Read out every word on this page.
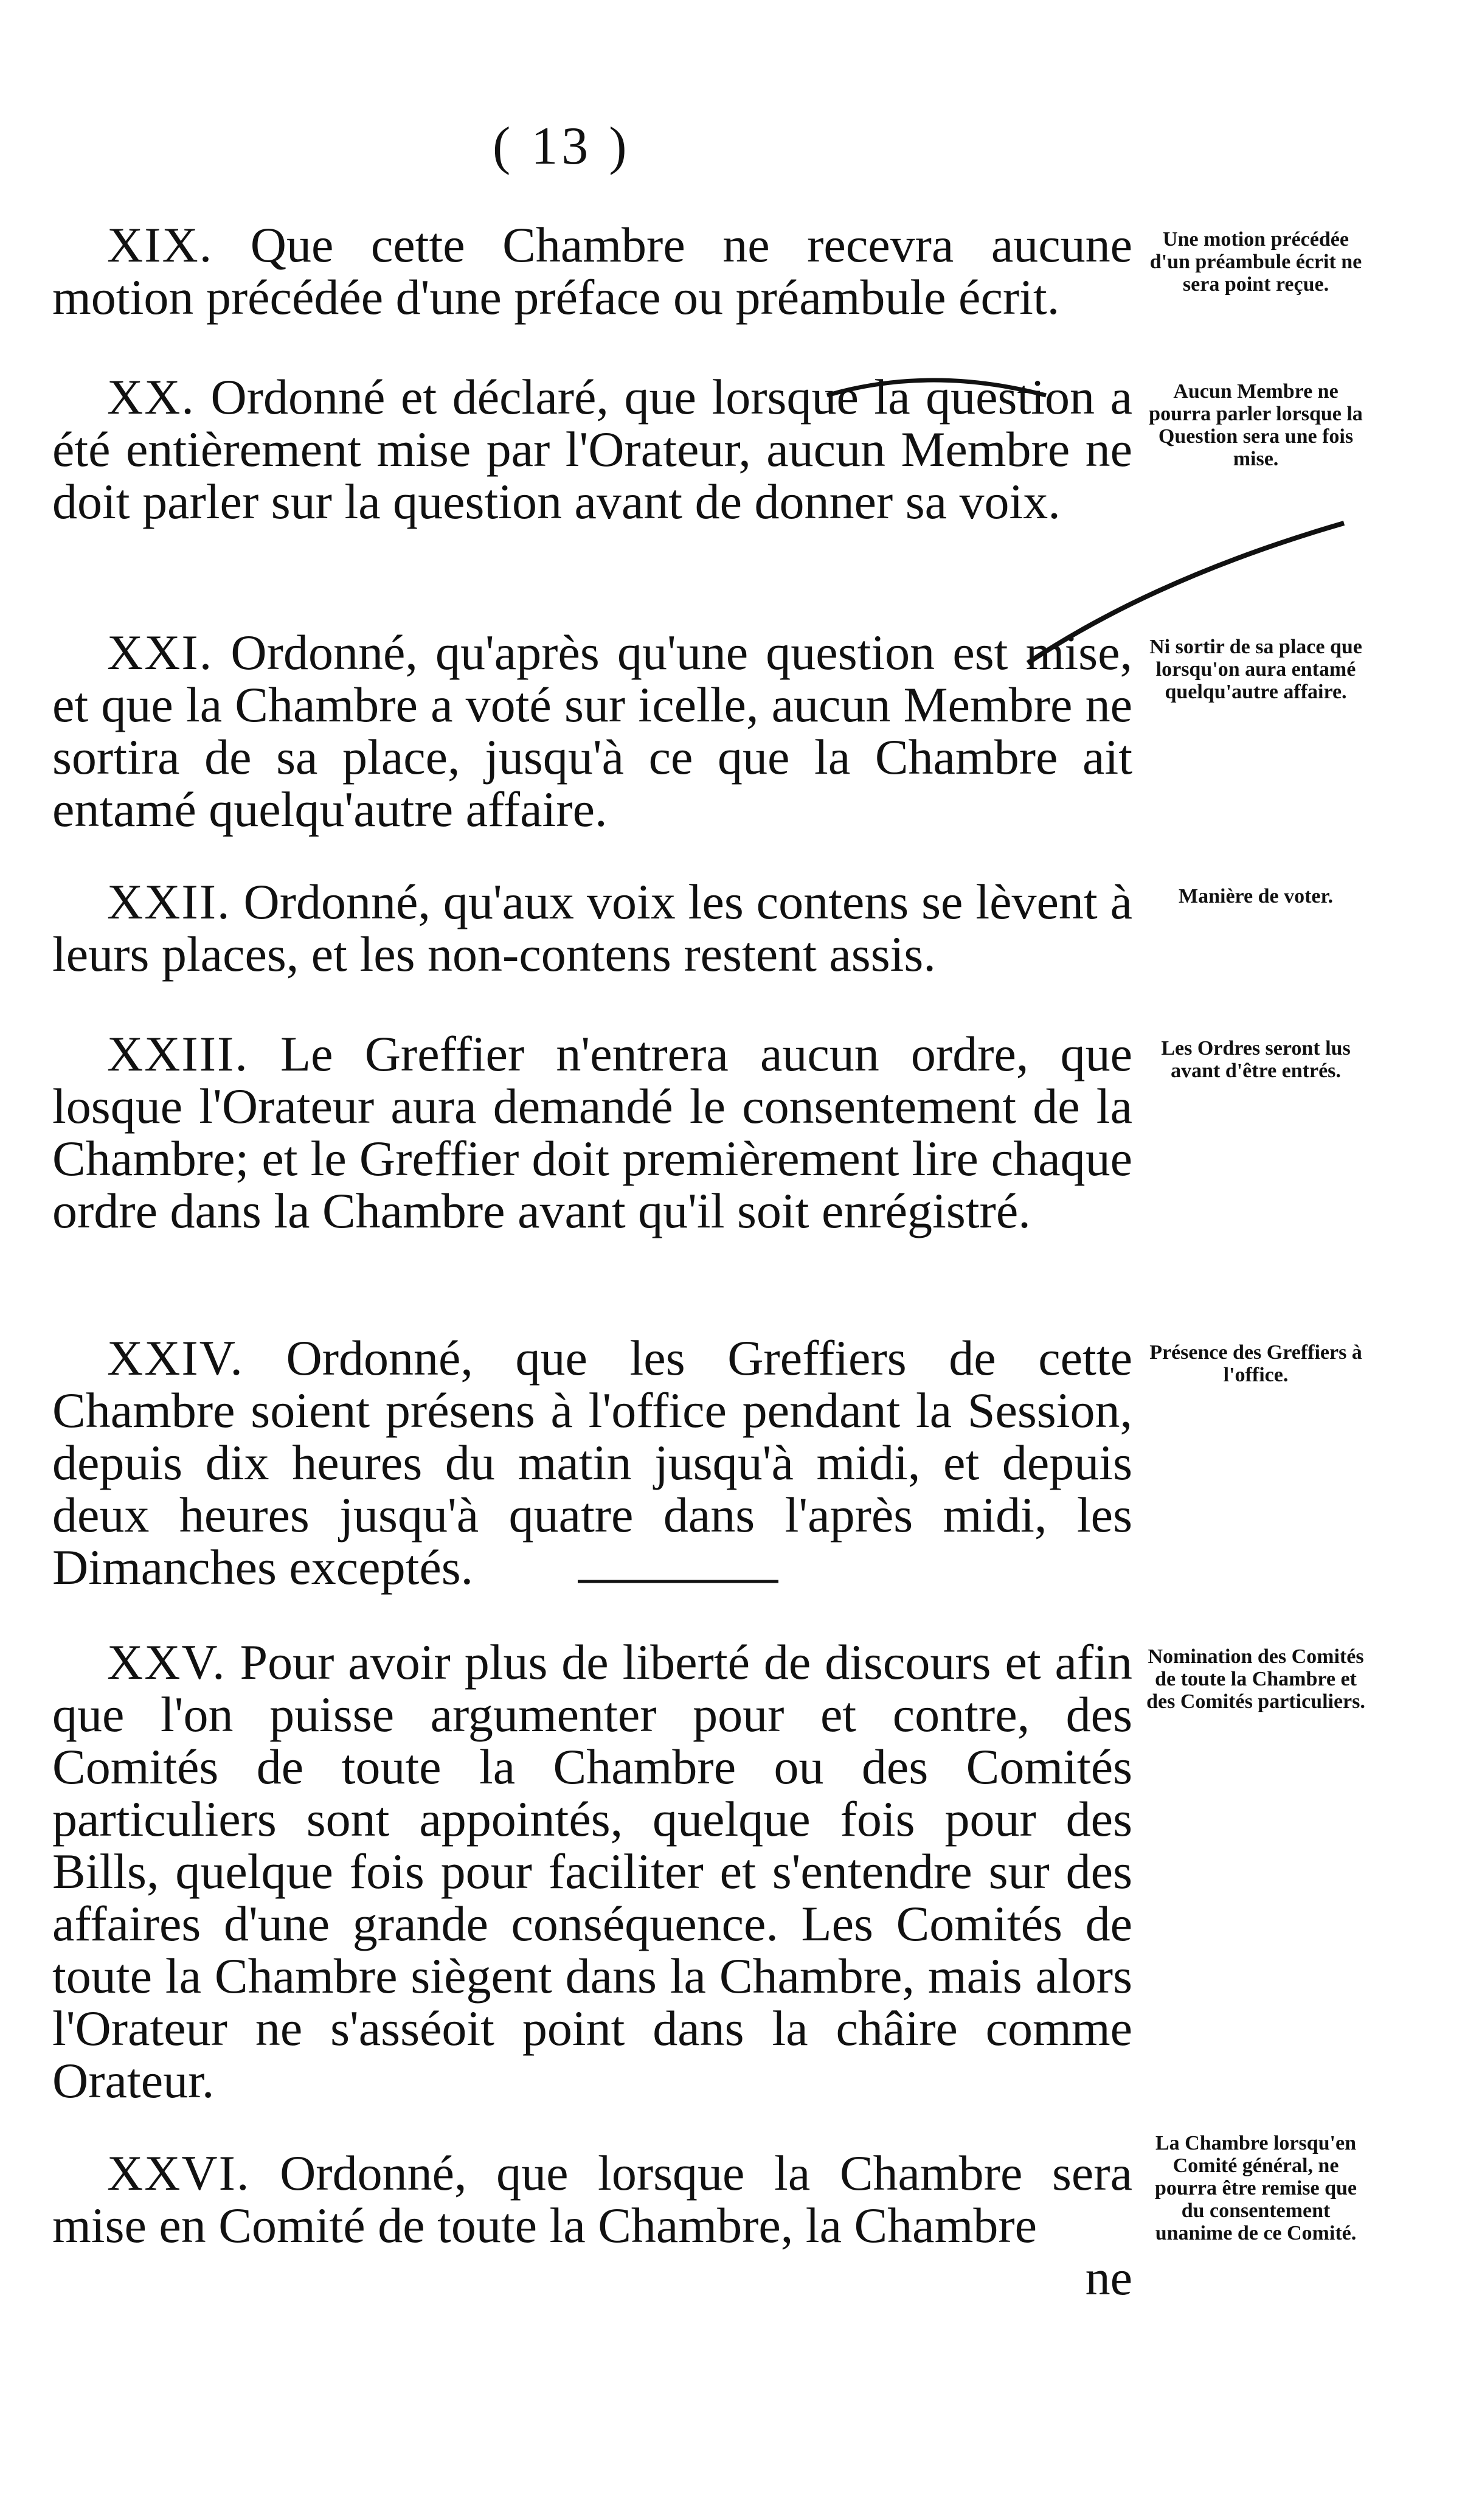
( 13 )
XIX. Que cette Chambre ne recevra aucune motion précédée d'une préface ou préambule écrit.
Une motion précédée d'un préambule écrit ne sera point reçue.
XX. Ordonné et déclaré, que lorsque la question a été entièrement mise par l'Orateur, aucun Membre ne doit parler sur la question avant de donner sa voix.
Aucun Membre ne pourra parler lorsque la Question sera une fois mise.
XXI. Ordonné, qu'après qu'une question est mise, et que la Chambre a voté sur icelle, aucun Membre ne sortira de sa place, jusqu'à ce que la Chambre ait entamé quelqu'autre affaire.
Ni sortir de sa place que lorsqu'on aura entamé quelqu'autre affaire.
XXII. Ordonné, qu'aux voix les contens se lèvent à leurs places, et les non-contens restent assis.
Manière de voter.
XXIII. Le Greffier n'entrera aucun ordre, que losque l'Orateur aura demandé le consentement de la Chambre; et le Greffier doit premièrement lire chaque ordre dans la Chambre avant qu'il soit enrégistré.
Les Ordres seront lus avant d'être entrés.
XXIV. Ordonné, que les Greffiers de cette Chambre soient présens à l'office pendant la Session, depuis dix heures du matin jusqu'à midi, et depuis deux heures jusqu'à quatre dans l'après midi, les Dimanches exceptés.
Présence des Greffiers à l'office.
XXV. Pour avoir plus de liberté de discours et afin que l'on puisse argumenter pour et contre, des Comités de toute la Chambre ou des Comités particuliers sont appointés, quelque fois pour des Bills, quelque fois pour faciliter et s'entendre sur des affaires d'une grande conséquence. Les Comités de toute la Chambre siègent dans la Chambre, mais alors l'Orateur ne s'asséoit point dans la châire comme Orateur.
Nomination des Comités de toute la Chambre et des Comités particuliers.
XXVI. Ordonné, que lorsque la Chambre sera mise en Comité de toute la Chambre, la Chambre
ne
La Chambre lorsqu'en Comité général, ne pourra être remise que du consentement unanime de ce Comité.
